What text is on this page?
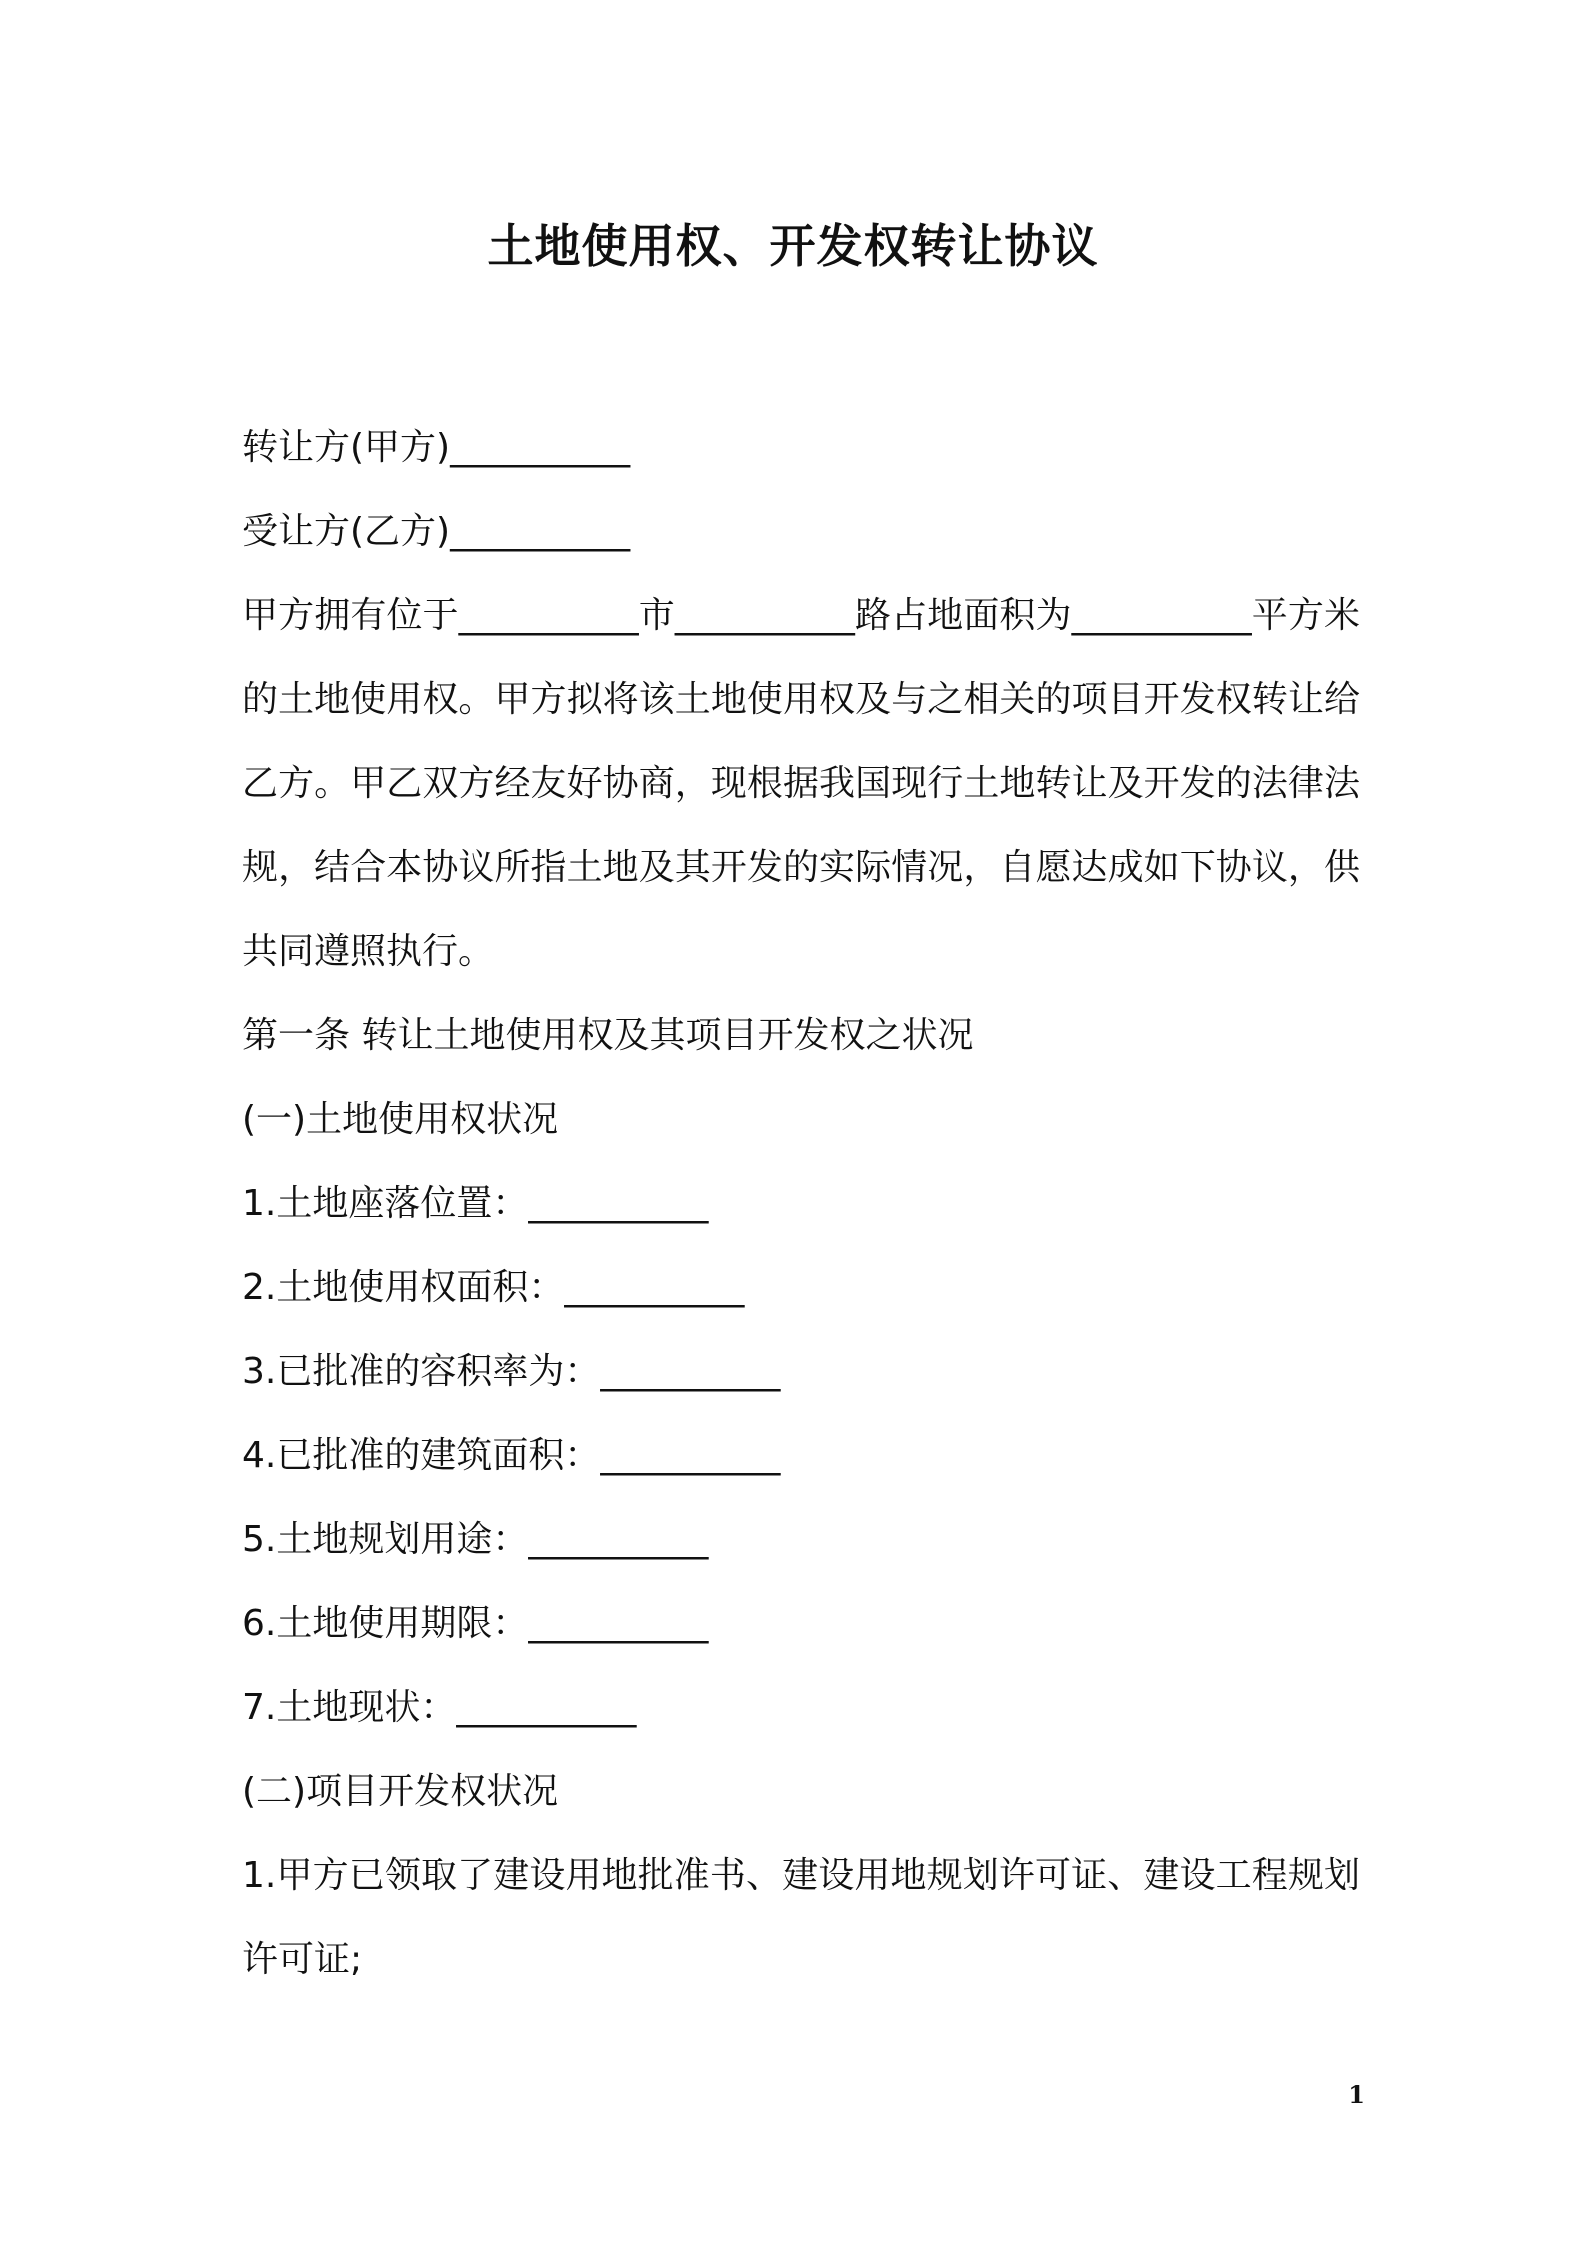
土地使用权、开发权转让协议

转让方(甲方)__________

受让方(乙方)__________

甲方拥有位于__________市__________路占地面积为__________平方米的土地使用权。甲方拟将该土地使用权及与之相关的项目开发权转让给乙方。甲乙双方经友好协商，现根据我国现行土地转让及开发的法律法规，结合本协议所指土地及其开发的实际情况，自愿达成如下协议，供共同遵照执行。

第一条 转让土地使用权及其项目开发权之状况

(一)土地使用权状况

1.土地座落位置：__________

2.土地使用权面积：__________

3.已批准的容积率为：__________

4.已批准的建筑面积：__________

5.土地规划用途：__________

6.土地使用期限：__________

7.土地现状：__________

(二)项目开发权状况

1.甲方已领取了建设用地批准书、建设用地规划许可证、建设工程规划许可证;

1
